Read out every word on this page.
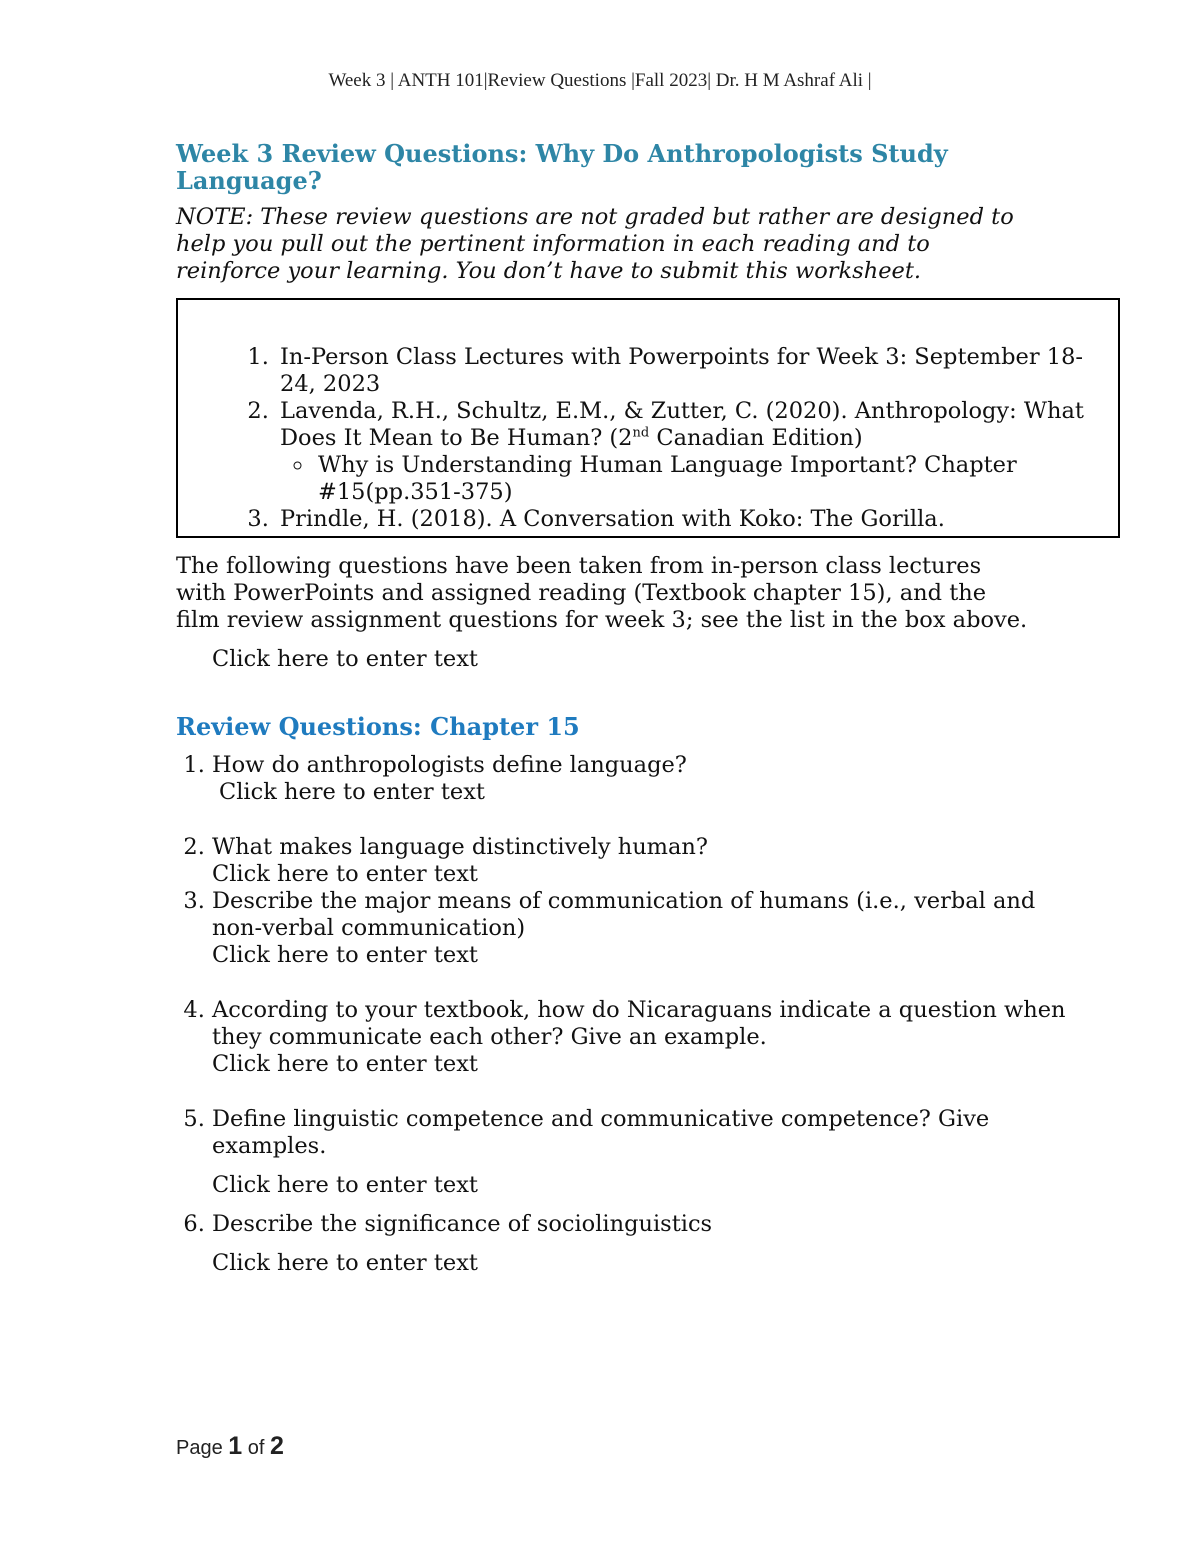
Week 3 | ANTH 101|Review Questions |Fall 2023| Dr. H M Ashraf Ali |
Week 3 Review Questions: Why Do Anthropologists Study Language?

NOTE: These review questions are not graded but rather are designed to help you pull out the pertinent information in each reading and to reinforce your learning. You don’t have to submit this worksheet.

1. In-Person Class Lectures with Powerpoints for Week 3: September 18-24, 2023
2. Lavenda, R.H., Schultz, E.M., & Zutter, C. (2020). Anthropology: What Does It Mean to Be Human? (2nd Canadian Edition)
◦ Why is Understanding Human Language Important? Chapter #15(pp.351-375)
3. Prindle, H. (2018). A Conversation with Koko: The Gorilla.

The following questions have been taken from in-person class lectures with PowerPoints and assigned reading (Textbook chapter 15), and the film review assignment questions for week 3; see the list in the box above.

Click here to enter text
Review Questions: Chapter 15
1. How do anthropologists define language?
Click here to enter text
2. What makes language distinctively human?
Click here to enter text
3. Describe the major means of communication of humans (i.e., verbal and non-verbal communication)
Click here to enter text
4. According to your textbook, how do Nicaraguans indicate a question when they communicate each other? Give an example.
Click here to enter text
5. Define linguistic competence and communicative competence? Give examples.
Click here to enter text
6. Describe the significance of sociolinguistics
Click here to enter text
Page 1 of 2
